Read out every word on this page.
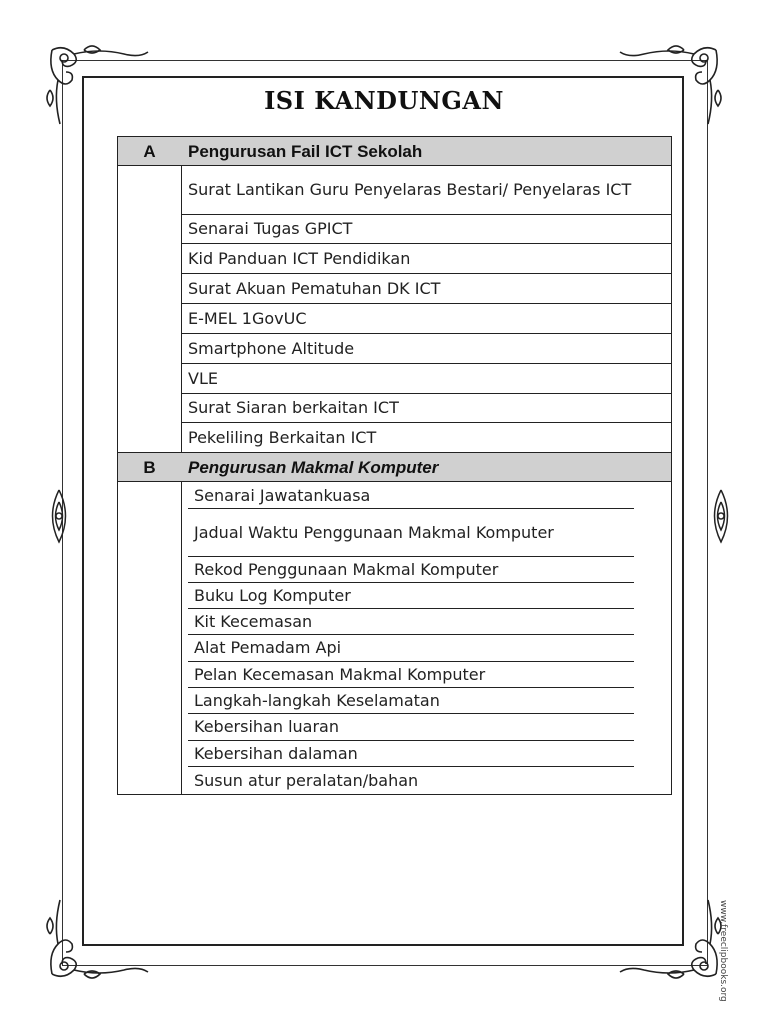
ISI KANDUNGAN
A	Pengurusan Fail ICT Sekolah
Surat Lantikan Guru Penyelaras Bestari/ Penyelaras ICT
Senarai Tugas GPICT
Kid Panduan ICT Pendidikan
Surat Akuan Pematuhan DK ICT
E-MEL 1GovUC
Smartphone Altitude
VLE
Surat Siaran berkaitan ICT
Pekeliling Berkaitan ICT
B	Pengurusan Makmal Komputer
Senarai Jawatankuasa
Jadual Waktu Penggunaan Makmal Komputer
Rekod Penggunaan Makmal Komputer
Buku Log Komputer
Kit Kecemasan
Alat Pemadam Api
Pelan Kecemasan Makmal Komputer
Langkah-langkah Keselamatan
Kebersihan luaran
Kebersihan dalaman
Susun atur peralatan/bahan
www.freeclipbooks.org
